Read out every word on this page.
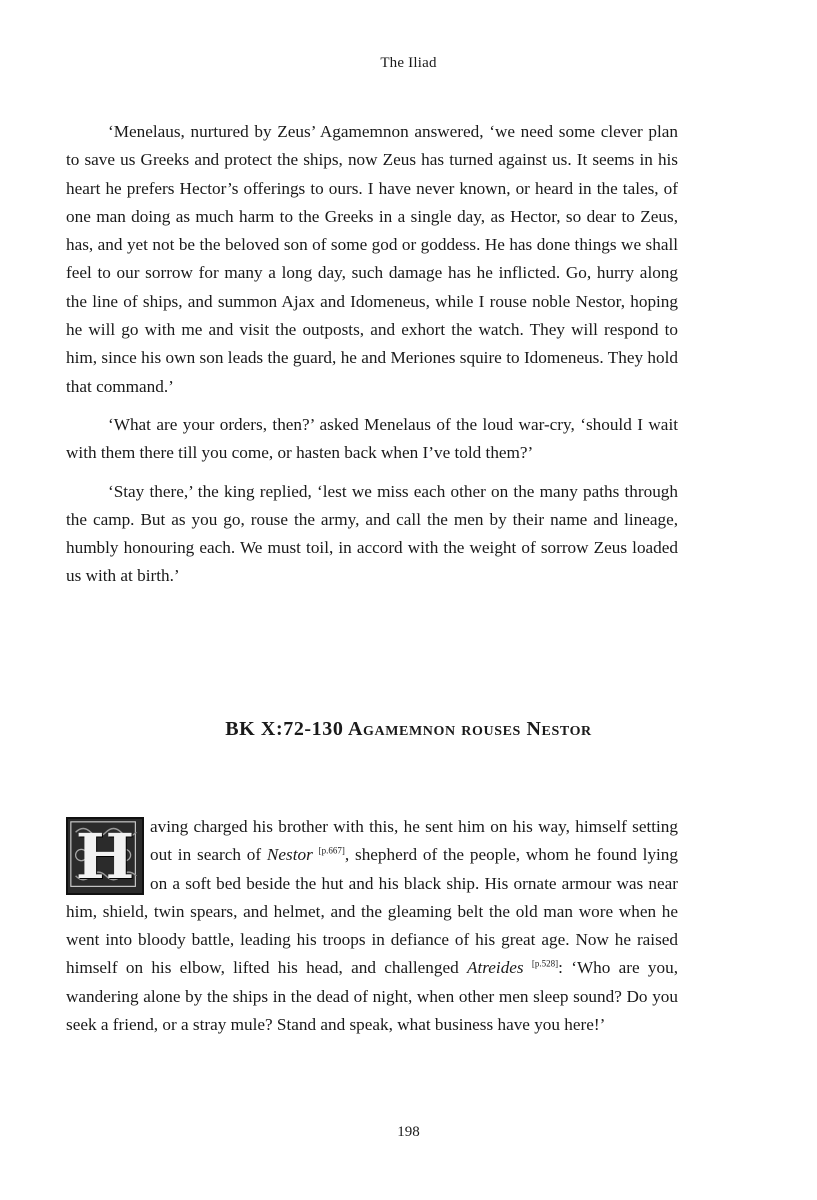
The Iliad

‘Menelaus, nurtured by Zeus’ Agamemnon answered, ‘we need some clever plan to save us Greeks and protect the ships, now Zeus has turned against us. It seems in his heart he prefers Hector’s offerings to ours. I have never known, or heard in the tales, of one man doing as much harm to the Greeks in a single day, as Hector, so dear to Zeus, has, and yet not be the beloved son of some god or goddess. He has done things we shall feel to our sorrow for many a long day, such damage has he inflicted. Go, hurry along the line of ships, and summon Ajax and Idomeneus, while I rouse noble Nestor, hoping he will go with me and visit the outposts, and exhort the watch. They will respond to him, since his own son leads the guard, he and Meriones squire to Idomeneus. They hold that command.’

‘What are your orders, then?’ asked Menelaus of the loud war-cry, ‘should I wait with them there till you come, or hasten back when I’ve told them?’

‘Stay there,’ the king replied, ‘lest we miss each other on the many paths through the camp. But as you go, rouse the army, and call the men by their name and lineage, humbly honouring each. We must toil, in accord with the weight of sorrow Zeus loaded us with at birth.’

BK X:72-130 Agamemnon rouses Nestor

H aving charged his brother with this, he sent him on his way, himself setting out in search of Nestor [p.667], shepherd of the people, whom he found lying on a soft bed beside the hut and his black ship. His ornate armour was near him, shield, twin spears, and helmet, and the gleaming belt the old man wore when he went into bloody battle, leading his troops in defiance of his great age. Now he raised himself on his elbow, lifted his head, and challenged Atreides [p.528]: ‘Who are you, wandering alone by the ships in the dead of night, when other men sleep sound? Do you seek a friend, or a stray mule? Stand and speak, what business have you here!’

198
